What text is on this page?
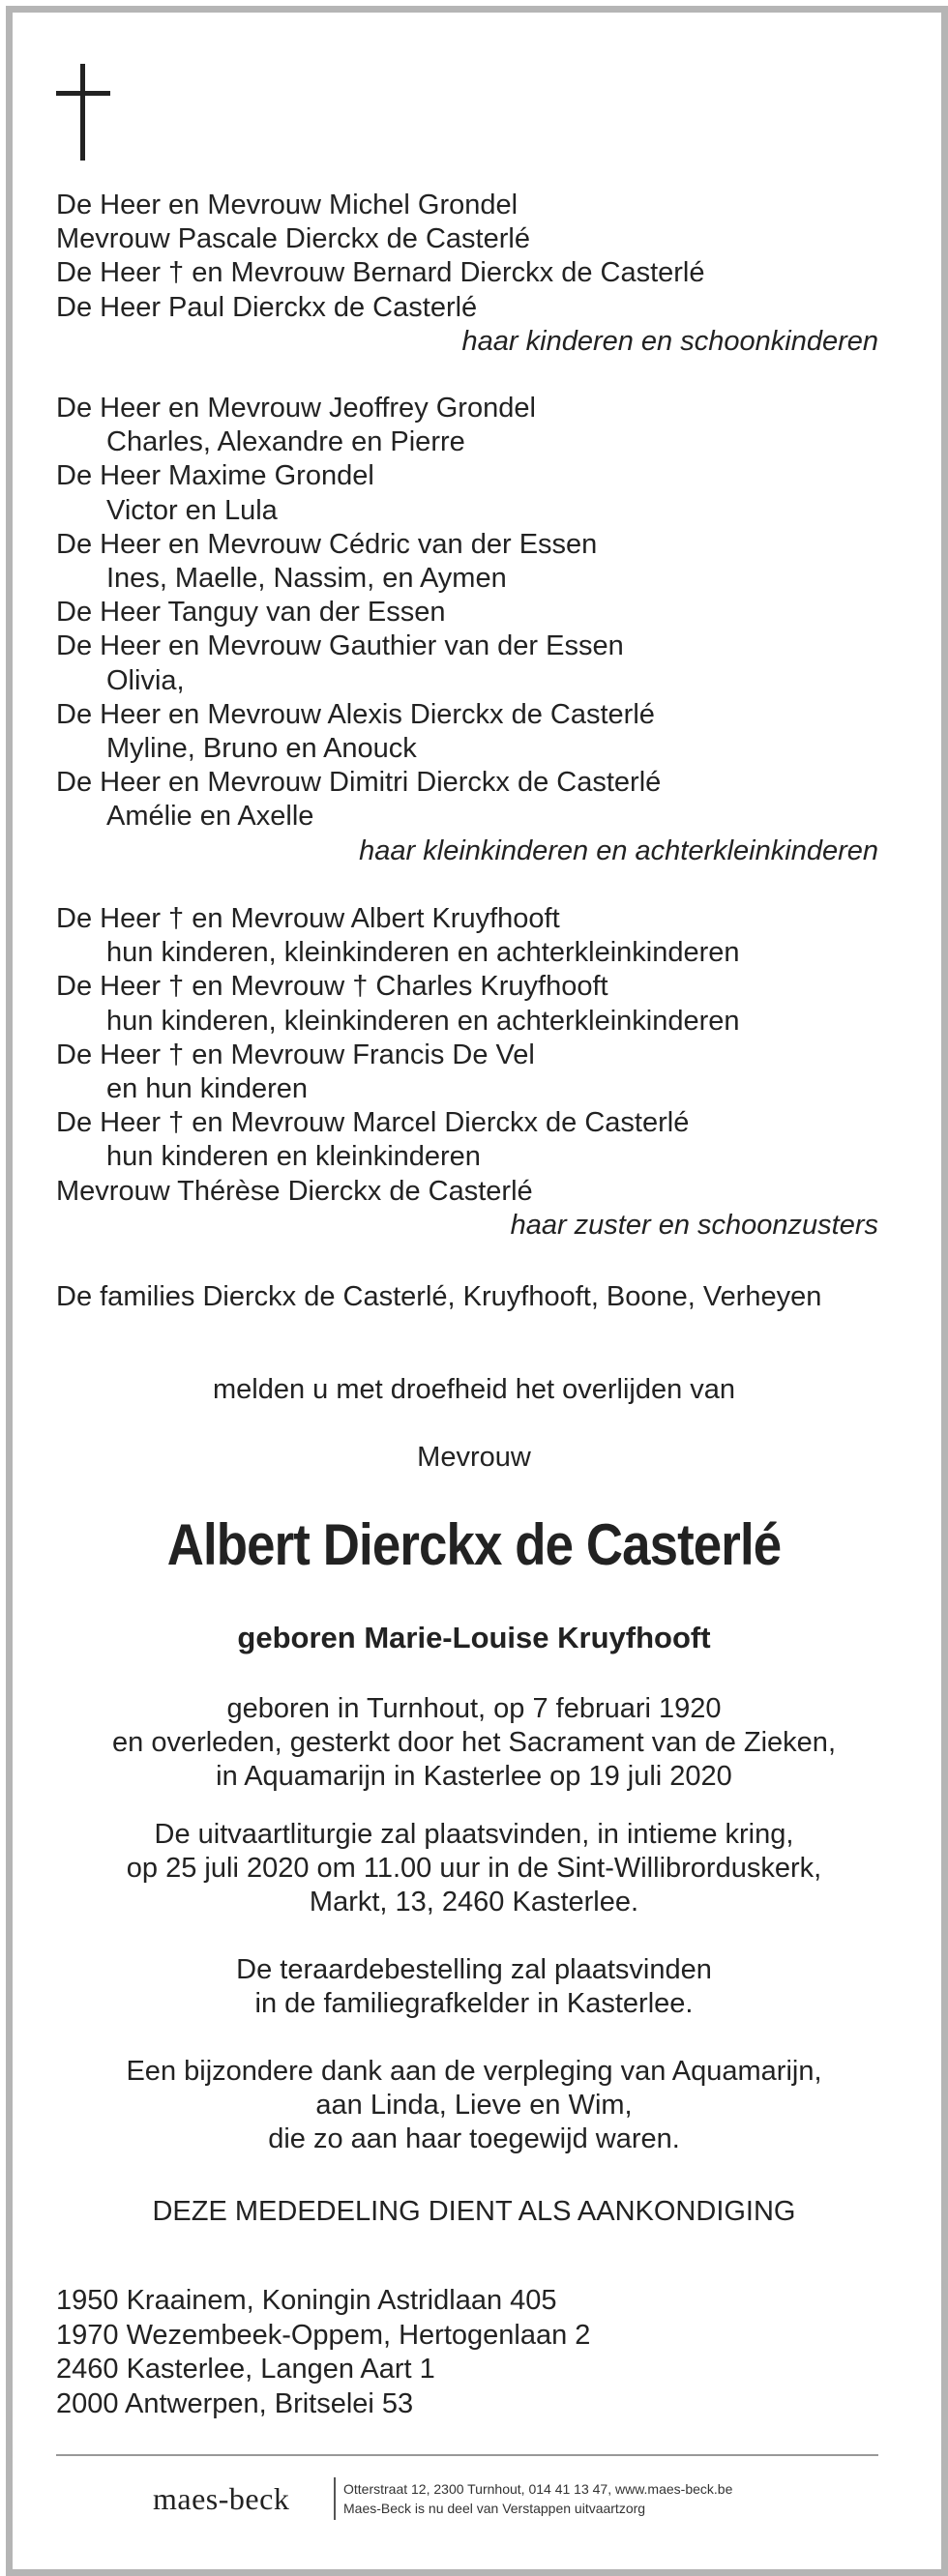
De Heer en Mevrouw Michel Grondel
Mevrouw Pascale Dierckx de Casterlé
De Heer † en Mevrouw Bernard Dierckx de Casterlé
De Heer Paul Dierckx de Casterlé
haar kinderen en schoonkinderen
De Heer en Mevrouw Jeoffrey Grondel
Charles, Alexandre en Pierre
De Heer Maxime Grondel
Victor en Lula
De Heer en Mevrouw Cédric van der Essen
Ines, Maelle, Nassim, en Aymen
De Heer Tanguy van der Essen
De Heer en Mevrouw Gauthier van der Essen
Olivia,
De Heer en Mevrouw Alexis Dierckx de Casterlé
Myline, Bruno en Anouck
De Heer en Mevrouw Dimitri Dierckx de Casterlé
Amélie en Axelle
haar kleinkinderen en achterkleinkinderen
De Heer † en Mevrouw Albert Kruyfhooft
hun kinderen, kleinkinderen en achterkleinkinderen
De Heer † en Mevrouw † Charles Kruyfhooft
hun kinderen, kleinkinderen en achterkleinkinderen
De Heer † en Mevrouw Francis De Vel
en hun kinderen
De Heer † en Mevrouw Marcel Dierckx de Casterlé
hun kinderen en kleinkinderen
Mevrouw Thérèse Dierckx de Casterlé
haar zuster en schoonzusters
De families Dierckx de Casterlé, Kruyfhooft, Boone, Verheyen
melden u met droefheid het overlijden van
Mevrouw
Albert Dierckx de Casterlé
geboren Marie-Louise Kruyfhooft
geboren in Turnhout, op 7 februari 1920
en overleden, gesterkt door het Sacrament van de Zieken,
in Aquamarijn in Kasterlee op 19 juli 2020
De uitvaartliturgie zal plaatsvinden, in intieme kring,
op 25 juli 2020 om 11.00 uur in de Sint-Willibrorduskerk,
Markt, 13, 2460 Kasterlee.
De teraardebestelling zal plaatsvinden
in de familiegrafkelder in Kasterlee.
Een bijzondere dank aan de verpleging van Aquamarijn,
aan Linda, Lieve en Wim,
die zo aan haar toegewijd waren.
DEZE MEDEDELING DIENT ALS AANKONDIGING
1950 Kraainem, Koningin Astridlaan 405
1970 Wezembeek-Oppem, Hertogenlaan 2
2460 Kasterlee, Langen Aart 1
2000 Antwerpen, Britselei 53
maes-beck	Otterstraat 12, 2300 Turnhout, 014 41 13 47, www.maes-beck.be
Maes-Beck is nu deel van Verstappen uitvaartzorg
